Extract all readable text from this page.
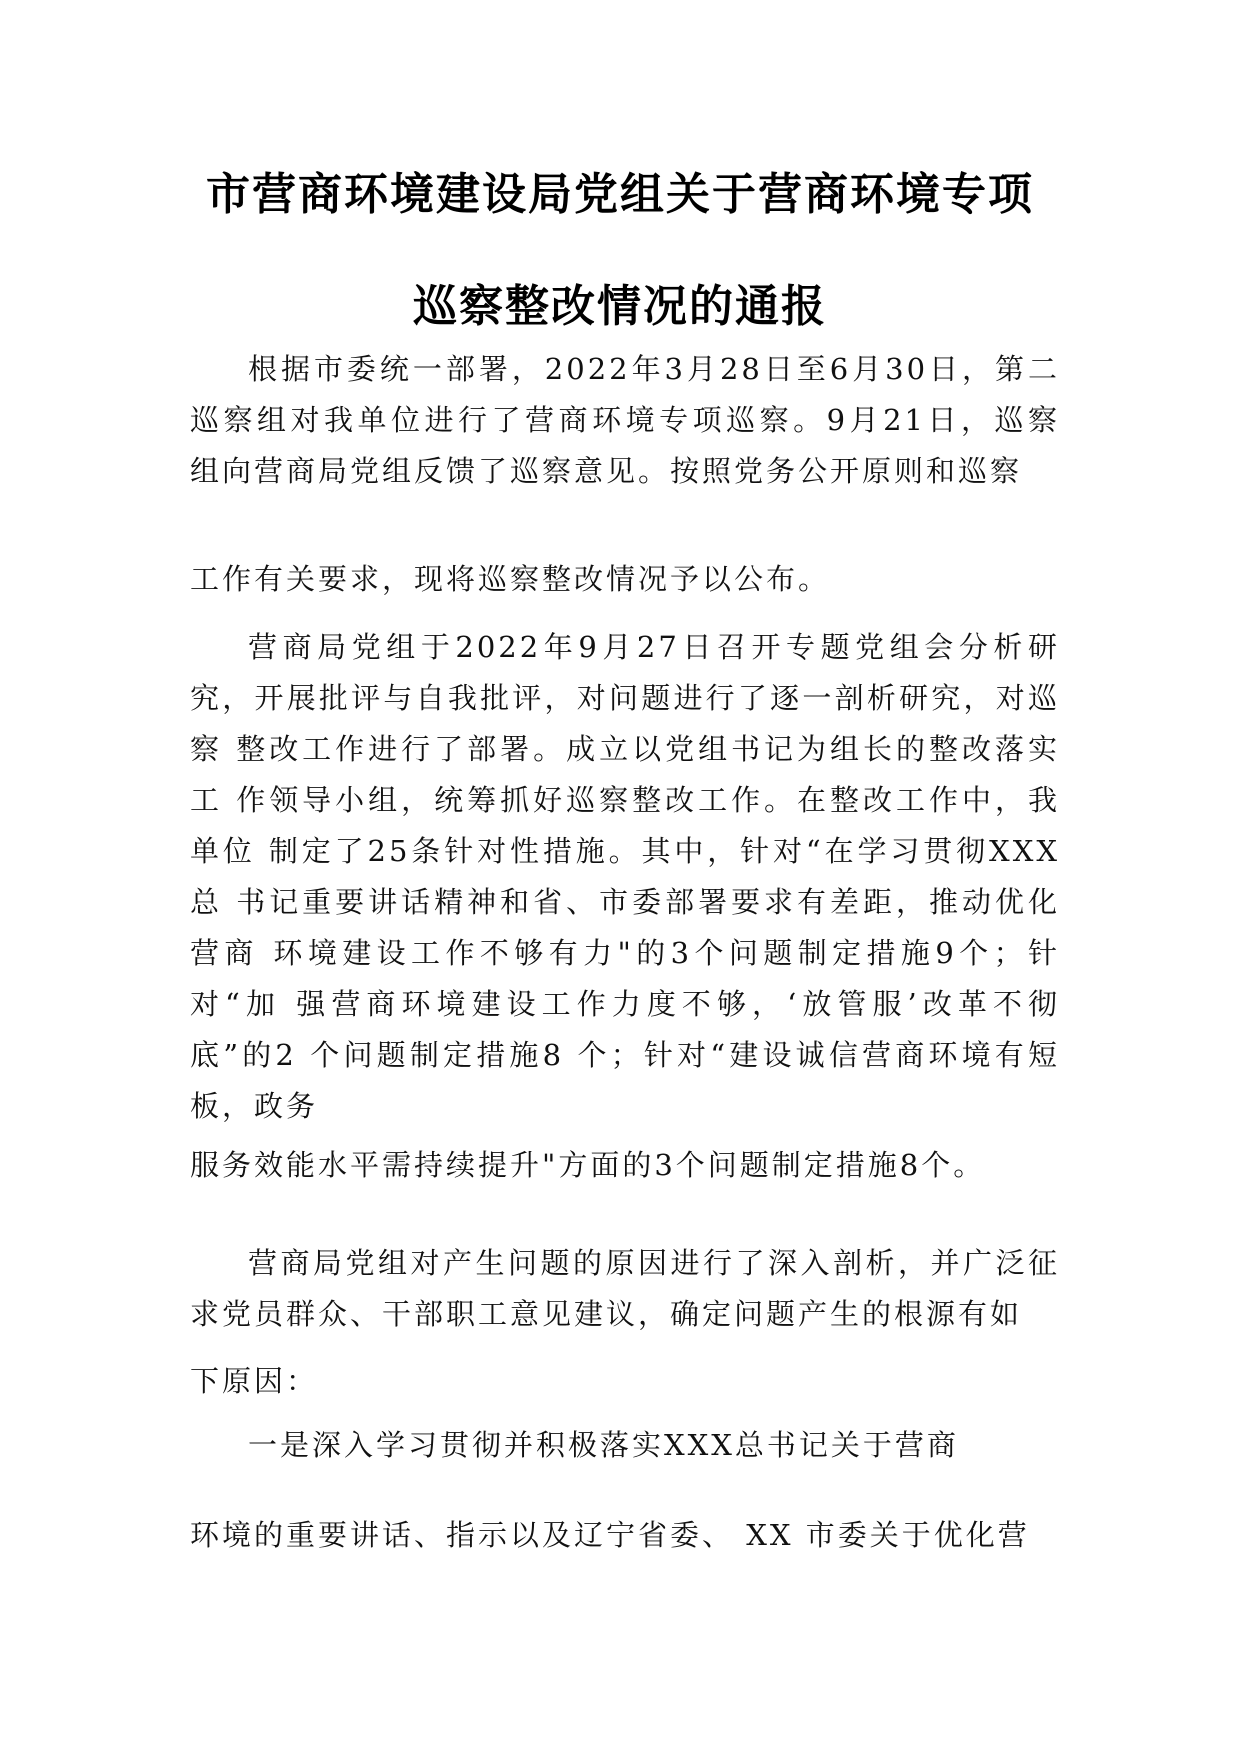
市营商环境建设局党组关于营商环境专项
巡察整改情况的通报

根据市委统一部署，2022年3月28日至6月30日，第二 巡察组对我单位进行了营商环境专项巡察。9月21日，巡察 组向营商局党组反馈了巡察意见。按照党务公开原则和巡察

工作有关要求，现将巡察整改情况予以公布。

营商局党组于2022年9月27日召开专题党组会分析研 究，开展批评与自我批评，对问题进行了逐一剖析研究，对巡察 整改工作进行了部署。成立以党组书记为组长的整改落实工 作领导小组，统筹抓好巡察整改工作。在整改工作中，我单位 制定了25条针对性措施。其中，针对“在学习贯彻XXX总 书记重要讲话精神和省、市委部署要求有差距，推动优化营商 环境建设工作不够有力"的3个问题制定措施9个；针对“加 强营商环境建设工作力度不够，‘放管服’改革不彻底”的2 个问题制定措施8 个；针对“建设诚信营商环境有短板，政务

服务效能水平需持续提升"方面的3个问题制定措施8个。

营商局党组对产生问题的原因进行了深入剖析，并广泛征求党员群众、干部职工意见建议，确定问题产生的根源有如

下原因：

一是深入学习贯彻并积极落实XXX总书记关于营商

环境的重要讲话、指示以及辽宁省委、 XX 市委关于优化营
